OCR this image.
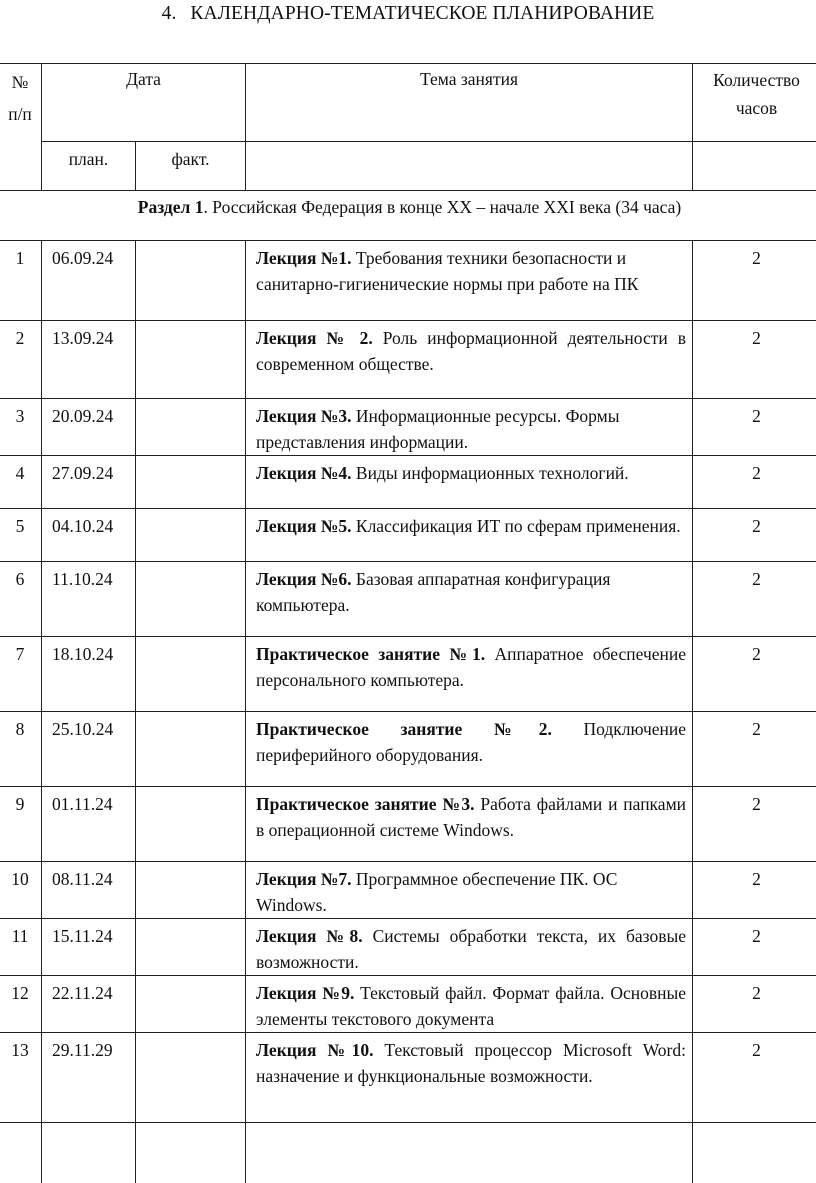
4. КАЛЕНДАРНО-ТЕМАТИЧЕСКОЕ ПЛАНИРОВАНИЕ
№
п/п	Дата		Тема занятия	Количество часов
	план.	факт.		
Раздел 1. Российская Федерация в конце XX – начале XXI века (34 часа)				
1	06.09.24		Лекция №1. Требования техники безопасности и санитарно-гигиенические нормы при работе на ПК	2
2	13.09.24		Лекция № 2. Роль информационной деятельности в современном обществе.	2
3	20.09.24		Лекция №3. Информационные ресурсы. Формы представления информации.	2
4	27.09.24		Лекция №4. Виды информационных технологий.	2
5	04.10.24		Лекция №5. Классификация ИТ по сферам применения.	2
6	11.10.24		Лекция №6. Базовая аппаратная конфигурация компьютера.	2
7	18.10.24		Практическое занятие №1. Аппаратное обеспечение персонального компьютера.	2
8	25.10.24		Практическое занятие №2. Подключение периферийного оборудования.	2
9	01.11.24		Практическое занятие №3. Работа файлами и папками в операционной системе Windows.	2
10	08.11.24		Лекция №7. Программное обеспечение ПК. ОС Windows.	2
11	15.11.24		Лекция №8. Системы обработки текста, их базовые возможности.	2
12	22.11.24		Лекция №9. Текстовый файл. Формат файла. Основные элементы текстового документа	2
13	29.11.29		Лекция №10. Текстовый процессор Microsoft Word: назначение и функциональные возможности.	2
